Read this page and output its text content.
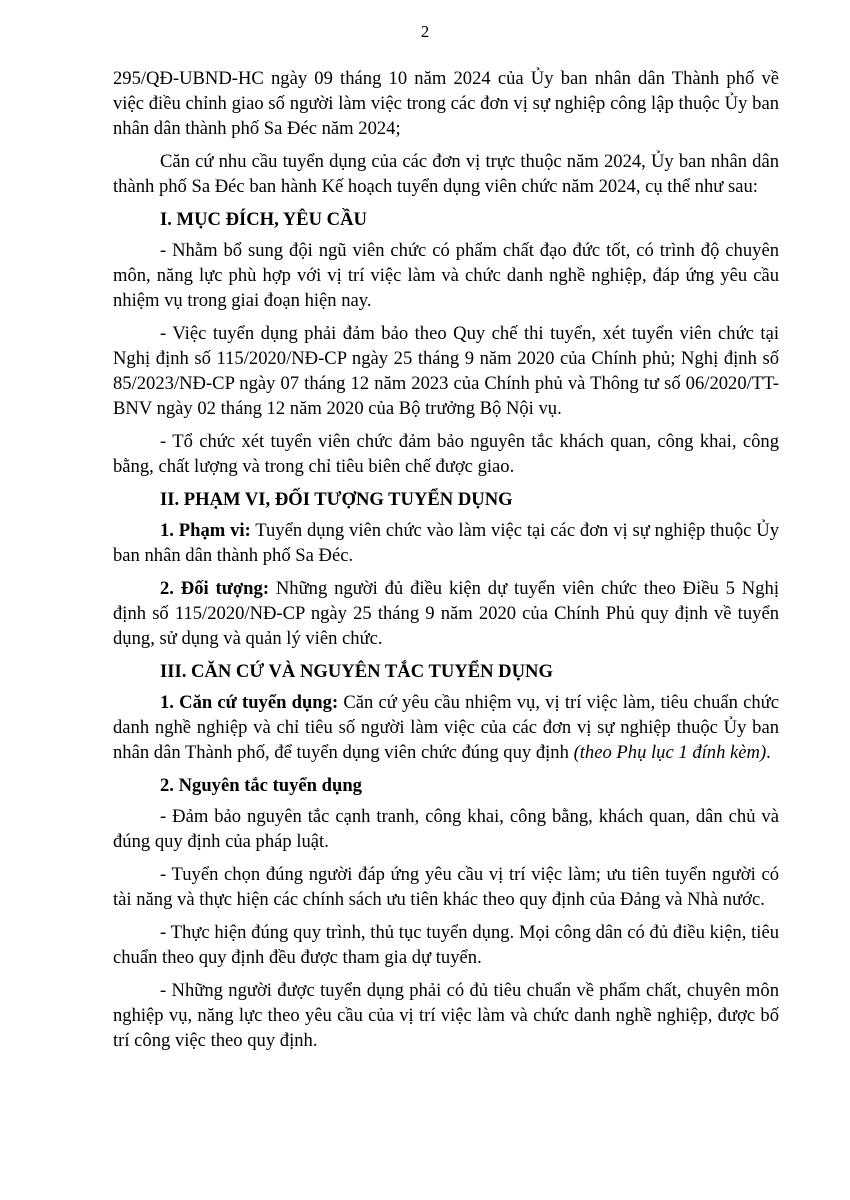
2

295/QĐ-UBND-HC ngày 09 tháng 10 năm 2024 của Ủy ban nhân dân Thành phố về việc điều chỉnh giao số người làm việc trong các đơn vị sự nghiệp công lập thuộc Ủy ban nhân dân thành phố Sa Đéc năm 2024;

Căn cứ nhu cầu tuyển dụng của các đơn vị trực thuộc năm 2024, Ủy ban nhân dân thành phố Sa Đéc ban hành Kế hoạch tuyển dụng viên chức năm 2024, cụ thể như sau:

I. MỤC ĐÍCH, YÊU CẦU

- Nhằm bổ sung đội ngũ viên chức có phẩm chất đạo đức tốt, có trình độ chuyên môn, năng lực phù hợp với vị trí việc làm và chức danh nghề nghiệp, đáp ứng yêu cầu nhiệm vụ trong giai đoạn hiện nay.

- Việc tuyển dụng phải đảm bảo theo Quy chế thi tuyển, xét tuyển viên chức tại Nghị định số 115/2020/NĐ-CP ngày 25 tháng 9 năm 2020 của Chính phủ; Nghị định số 85/2023/NĐ-CP ngày 07 tháng 12 năm 2023 của Chính phủ và Thông tư số 06/2020/TT-BNV ngày 02 tháng 12 năm 2020 của Bộ trưởng Bộ Nội vụ.

- Tổ chức xét tuyển viên chức đảm bảo nguyên tắc khách quan, công khai, công bằng, chất lượng và trong chỉ tiêu biên chế được giao.

II. PHẠM VI, ĐỐI TƯỢNG TUYỂN DỤNG

1. Phạm vi: Tuyển dụng viên chức vào làm việc tại các đơn vị sự nghiệp thuộc Ủy ban nhân dân thành phố Sa Đéc.

2. Đối tượng: Những người đủ điều kiện dự tuyển viên chức theo Điều 5 Nghị định số 115/2020/NĐ-CP ngày 25 tháng 9 năm 2020 của Chính Phủ quy định về tuyển dụng, sử dụng và quản lý viên chức.

III. CĂN CỨ VÀ NGUYÊN TẮC TUYỂN DỤNG

1. Căn cứ tuyển dụng: Căn cứ yêu cầu nhiệm vụ, vị trí việc làm, tiêu chuẩn chức danh nghề nghiệp và chỉ tiêu số người làm việc của các đơn vị sự nghiệp thuộc Ủy ban nhân dân Thành phố, để tuyển dụng viên chức đúng quy định (theo Phụ lục 1 đính kèm).

2. Nguyên tắc tuyển dụng

- Đảm bảo nguyên tắc cạnh tranh, công khai, công bằng, khách quan, dân chủ và đúng quy định của pháp luật.

- Tuyển chọn đúng người đáp ứng yêu cầu vị trí việc làm; ưu tiên tuyển người có tài năng và thực hiện các chính sách ưu tiên khác theo quy định của Đảng và Nhà nước.

- Thực hiện đúng quy trình, thủ tục tuyển dụng. Mọi công dân có đủ điều kiện, tiêu chuẩn theo quy định đều được tham gia dự tuyển.

- Những người được tuyển dụng phải có đủ tiêu chuẩn về phẩm chất, chuyên môn nghiệp vụ, năng lực theo yêu cầu của vị trí việc làm và chức danh nghề nghiệp, được bố trí công việc theo quy định.
